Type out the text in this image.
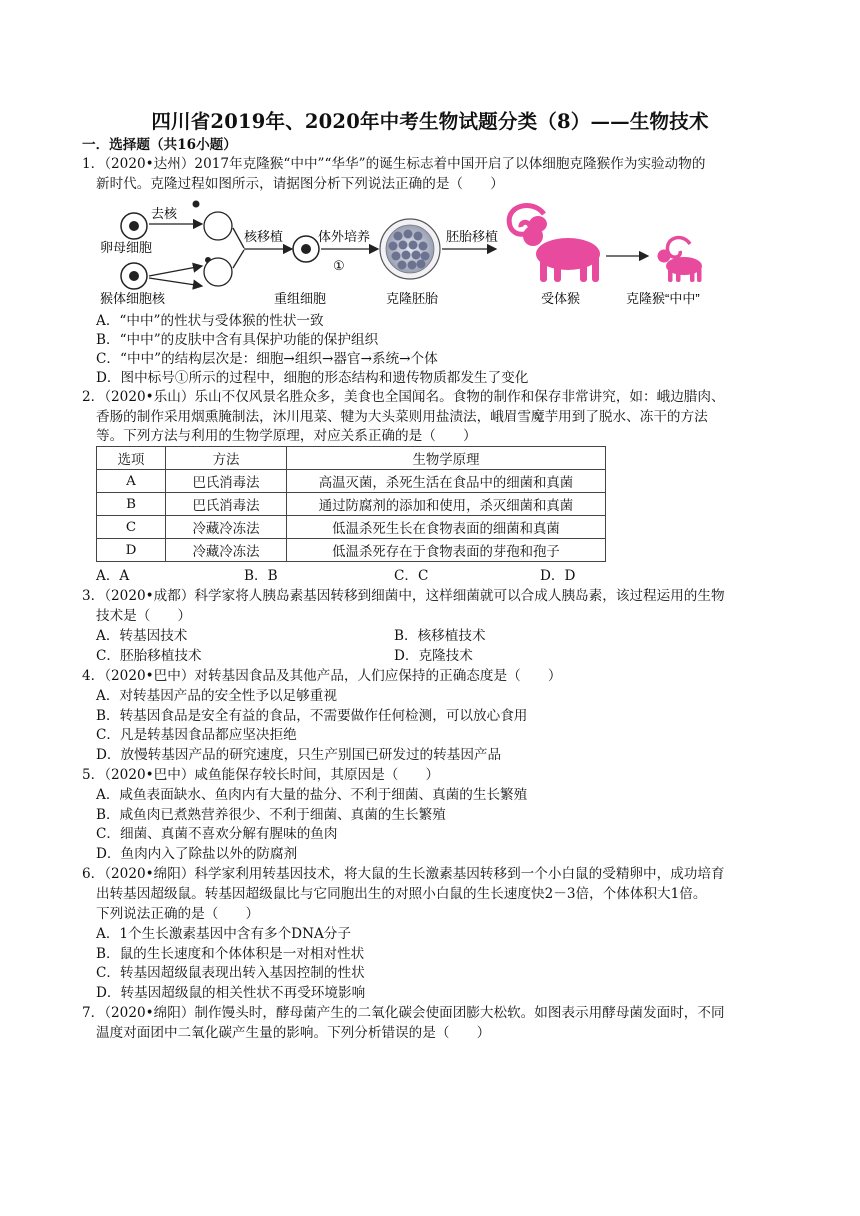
四川省2019年、2020年中考生物试题分类（8）——生物技术
一．选择题（共16小题）
1．（2020•达州）2017年克隆猴“中中”“华华”的诞生标志着中国开启了以体细胞克隆猴作为实验动物的
新时代。克隆过程如图所示，请据图分析下列说法正确的是（　　）
卵母细胞
猴体细胞核
去核
核移植
重组细胞
体外培养
①
克隆胚胎
胚胎移植
受体猴	克隆猴“中中”
A．“中中”的性状与受体猴的性状一致
B．“中中”的皮肤中含有具保护功能的保护组织
C．“中中”的结构层次是：细胞→组织→器官→系统→个体
D．图中标号①所示的过程中，细胞的形态结构和遗传物质都发生了变化
2．（2020•乐山）乐山不仅风景名胜众多，美食也全国闻名。食物的制作和保存非常讲究，如：峨边腊肉、
香肠的制作采用烟熏腌制法，沐川甩菜、犍为大头菜则用盐渍法，峨眉雪魔芋用到了脱水、冻干的方法
等。下列方法与利用的生物学原理，对应关系正确的是（　　）
选项	方法	生物学原理
A	巴氏消毒法	高温灭菌，杀死生活在食品中的细菌和真菌
B	巴氏消毒法	通过防腐剂的添加和使用，杀灭细菌和真菌
C	冷藏冷冻法	低温杀死生长在食物表面的细菌和真菌
D	冷藏冷冻法	低温杀死存在于食物表面的芽孢和孢子
A．A	B．B	C．C	D．D
3．（2020•成都）科学家将人胰岛素基因转移到细菌中，这样细菌就可以合成人胰岛素，该过程运用的生物
技术是（　　）
A．转基因技术	B．核移植技术
C．胚胎移植技术	D．克隆技术
4．（2020•巴中）对转基因食品及其他产品，人们应保持的正确态度是（　　）
A．对转基因产品的安全性予以足够重视
B．转基因食品是安全有益的食品，不需要做作任何检测，可以放心食用
C．凡是转基因食品都应坚决拒绝
D．放慢转基因产品的研究速度，只生产别国已研发过的转基因产品
5．（2020•巴中）咸鱼能保存较长时间，其原因是（　　）
A．咸鱼表面缺水、鱼肉内有大量的盐分、不利于细菌、真菌的生长繁殖
B．咸鱼肉已煮熟营养很少、不利于细菌、真菌的生长繁殖
C．细菌、真菌不喜欢分解有腥味的鱼肉
D．鱼肉内入了除盐以外的防腐剂
6．（2020•绵阳）科学家利用转基因技术，将大鼠的生长激素基因转移到一个小白鼠的受精卵中，成功培育
出转基因超级鼠。转基因超级鼠比与它同胞出生的对照小白鼠的生长速度快2－3倍，个体体积大1倍。
下列说法正确的是（　　）
A．1个生长激素基因中含有多个DNA分子
B．鼠的生长速度和个体体积是一对相对性状
C．转基因超级鼠表现出转入基因控制的性状
D．转基因超级鼠的相关性状不再受环境影响
7．（2020•绵阳）制作馒头时，酵母菌产生的二氧化碳会使面团膨大松软。如图表示用酵母菌发面时，不同
温度对面团中二氧化碳产生量的影响。下列分析错误的是（　　）
